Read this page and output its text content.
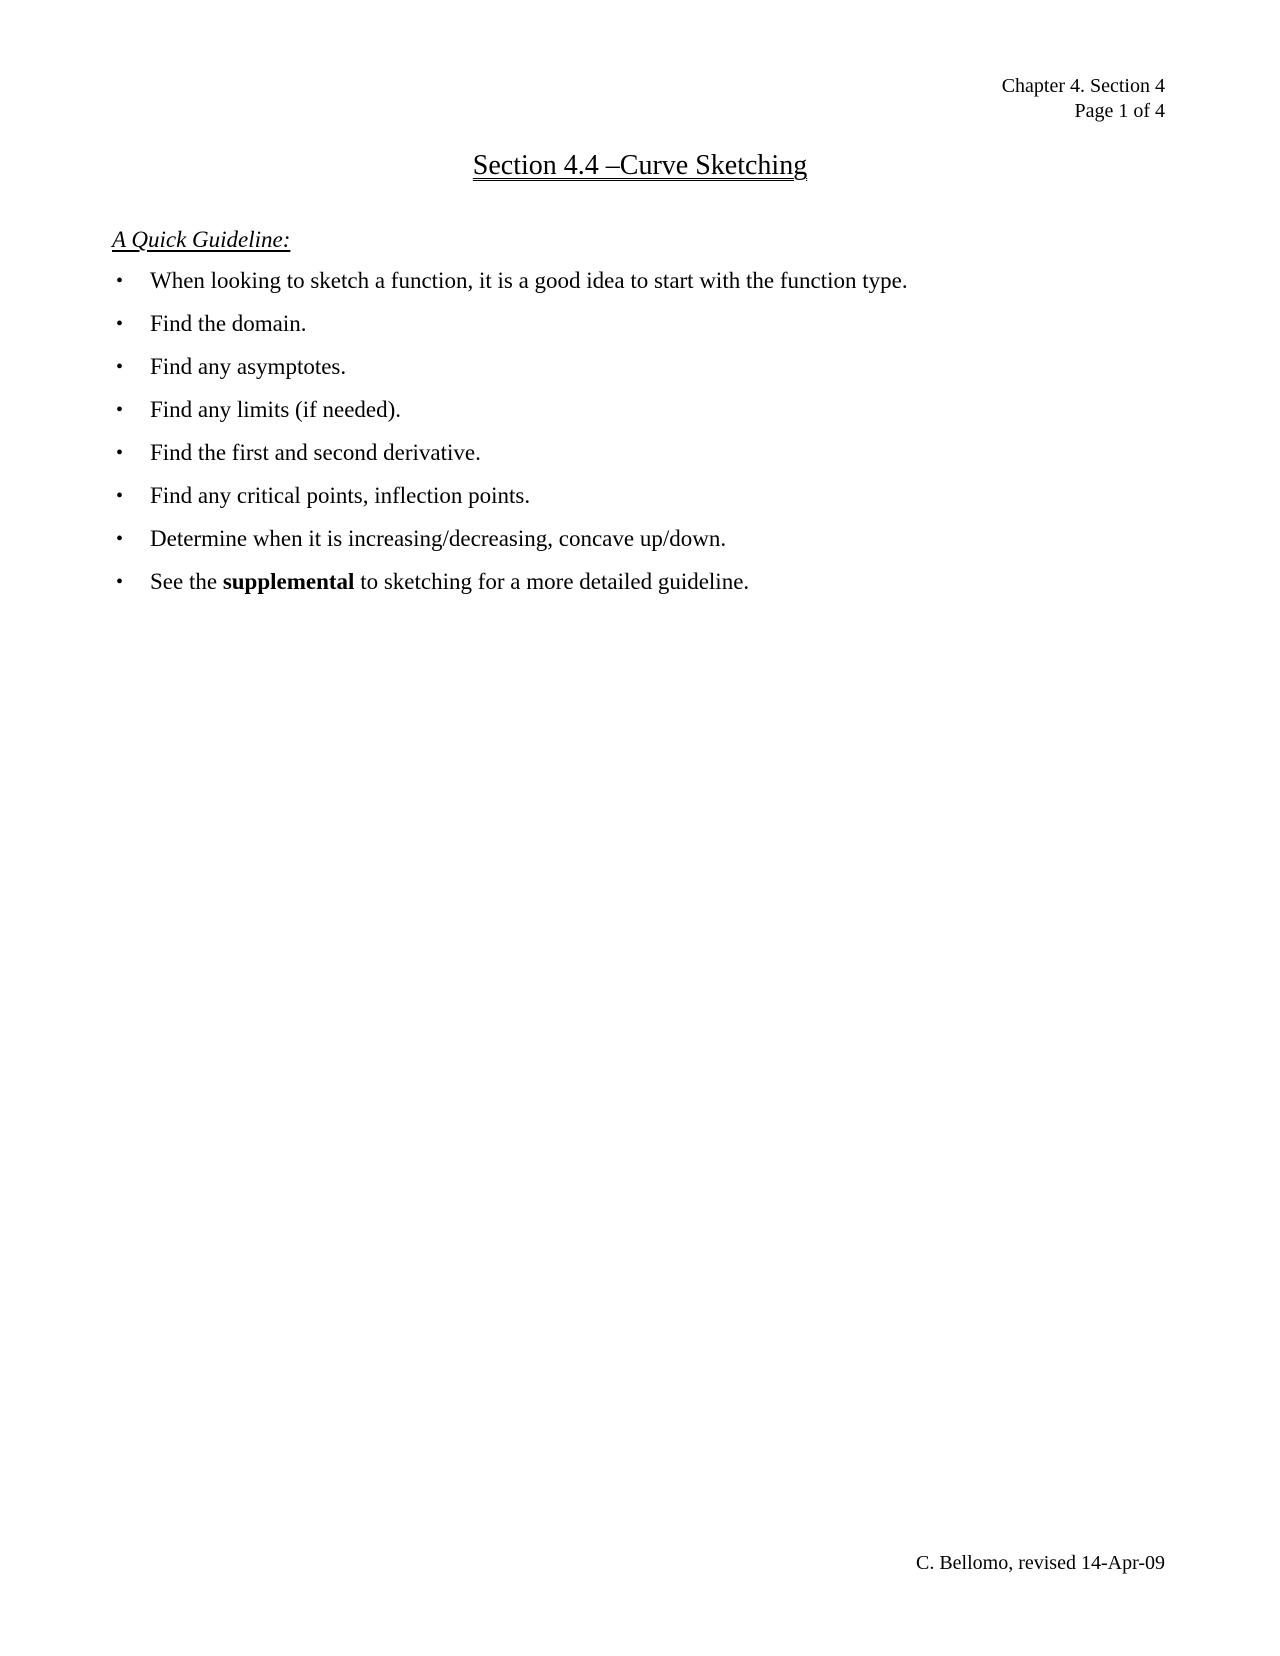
Chapter 4. Section 4
Page 1 of 4
Section 4.4 –Curve Sketching
A Quick Guideline:
• When looking to sketch a function, it is a good idea to start with the function type.
• Find the domain.
• Find any asymptotes.
• Find any limits (if needed).
• Find the first and second derivative.
• Find any critical points, inflection points.
• Determine when it is increasing/decreasing, concave up/down.
• See the supplemental to sketching for a more detailed guideline.
C. Bellomo, revised 14-Apr-09
